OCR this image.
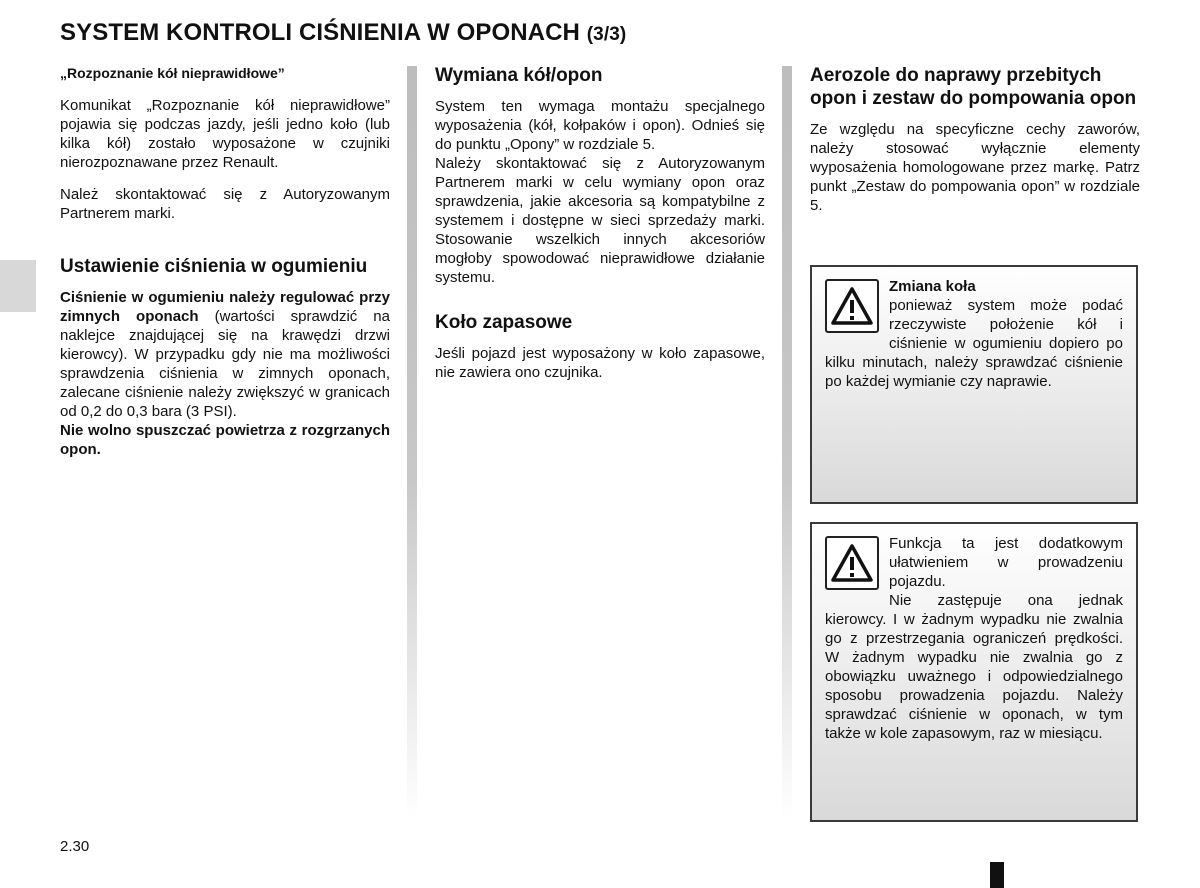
SYSTEM KONTROLI CIŚNIENIA W OPONACH (3/3)

„Rozpoznanie kół nieprawidłowe”

Komunikat „Rozpoznanie kół nieprawidłowe” pojawia się podczas jazdy, jeśli jedno koło (lub kilka kół) zostało wyposażone w czujniki nierozpoznawane przez Renault.

Należ skontaktować się z Autoryzowanym Partnerem marki.

Ustawienie ciśnienia w ogumieniu

Ciśnienie w ogumieniu należy regulować przy zimnych oponach (wartości sprawdzić na naklejce znajdującej się na krawędzi drzwi kierowcy). W przypadku gdy nie ma możliwości sprawdzenia ciśnienia w zimnych oponach, zalecane ciśnienie należy zwiększyć w granicach od 0,2 do 0,3 bara (3 PSI).

Nie wolno spuszczać powietrza z rozgrzanych opon.

Wymiana kół/opon

System ten wymaga montażu specjalnego wyposażenia (kół, kołpaków i opon). Odnieś się do punktu „Opony” w rozdziale 5.

Należy skontaktować się z Autoryzowanym Partnerem marki w celu wymiany opon oraz sprawdzenia, jakie akcesoria są kompatybilne z systemem i dostępne w sieci sprzedaży marki. Stosowanie wszelkich innych akcesoriów mogłoby spowodować nieprawidłowe działanie systemu.

Koło zapasowe

Jeśli pojazd jest wyposażony w koło zapasowe, nie zawiera ono czujnika.

Aerozole do naprawy przebitych opon i zestaw do pompowania opon

Ze względu na specyficzne cechy zaworów, należy stosować wyłącznie elementy wyposażenia homologowane przez markę. Patrz punkt „Zestaw do pompowania opon” w rozdziale 5.

Zmiana koła
ponieważ system może podać rzeczywiste położenie kół i ciśnienie w ogumieniu dopiero po kilku minutach, należy sprawdzać ciśnienie po każdej wymianie czy naprawie.
Funkcja ta jest dodatkowym ułatwieniem w prowadzeniu pojazdu.
Nie zastępuje ona jednak kierowcy. I w żadnym wypadku nie zwalnia go z przestrzegania ograniczeń prędkości. W żadnym wypadku nie zwalnia go z obowiązku uważnego i odpowiedzialnego sposobu prowadzenia pojazdu. Należy sprawdzać ciśnienie w oponach, w tym także w kole zapasowym, raz w miesiącu.
2.30
